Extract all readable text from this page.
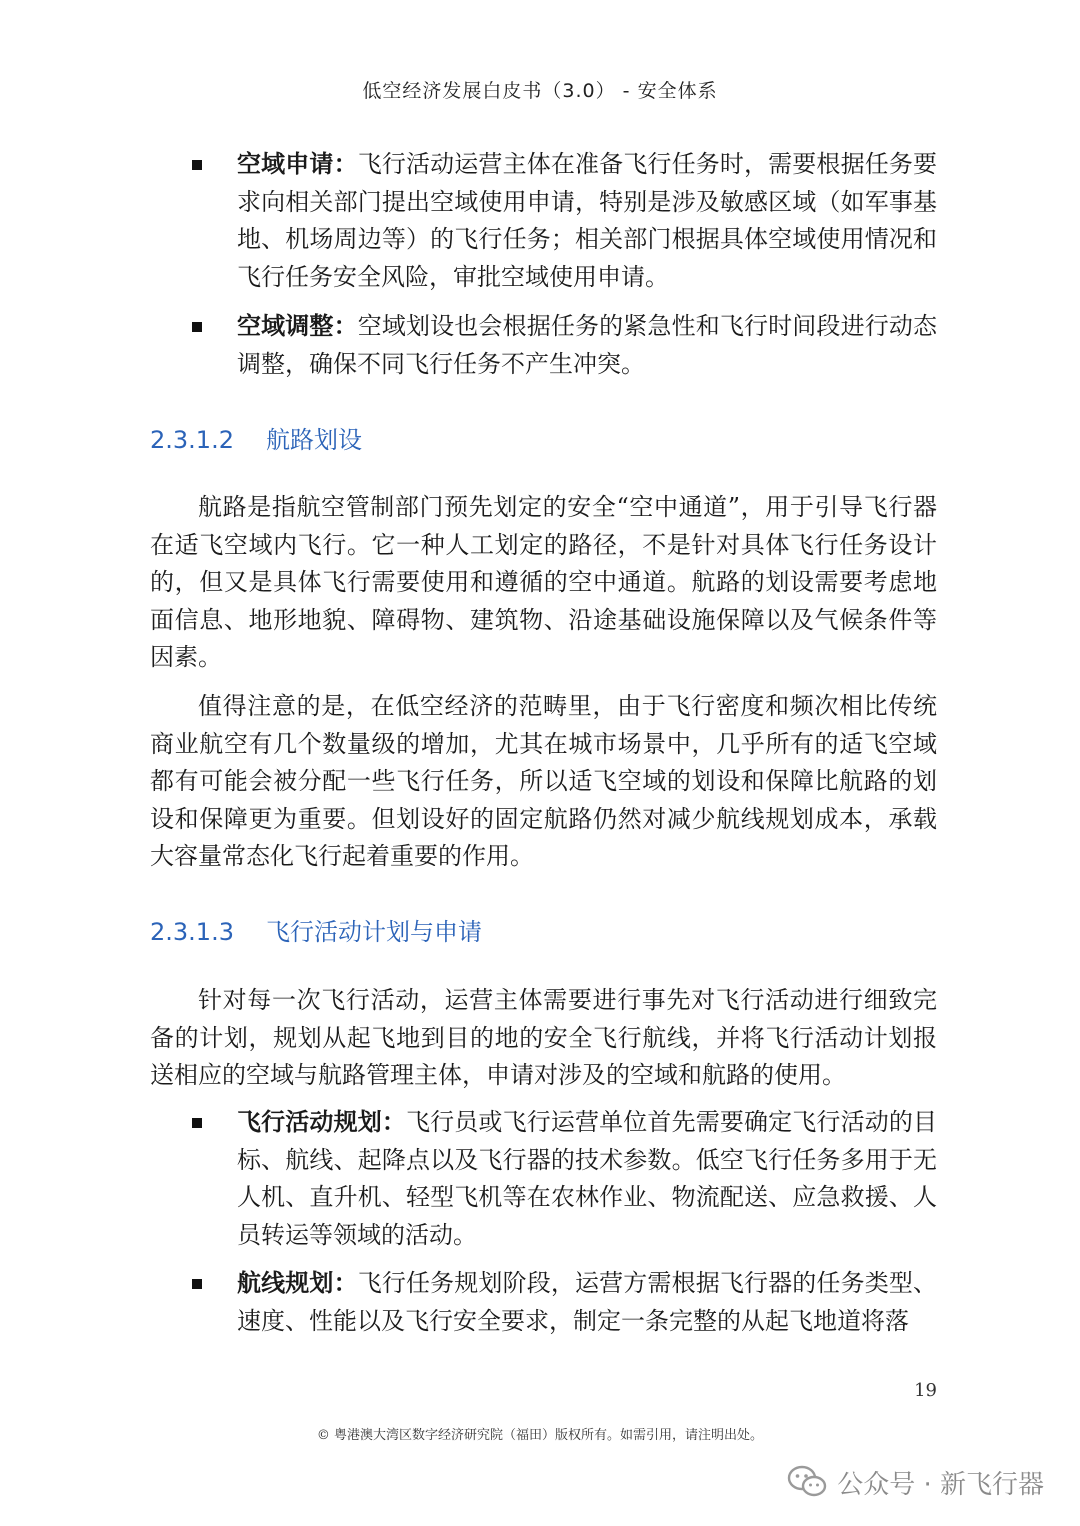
低空经济发展白皮书（3.0） - 安全体系
空域申请：飞行活动运营主体在准备飞行任务时，需要根据任务要求向相关部门提出空域使用申请，特别是涉及敏感区域（如军事基地、机场周边等）的飞行任务；相关部门根据具体空域使用情况和飞行任务安全风险，审批空域使用申请。
空域调整：空域划设也会根据任务的紧急性和飞行时间段进行动态调整，确保不同飞行任务不产生冲突。
2.3.1.2 航路划设
航路是指航空管制部门预先划定的安全“空中通道”，用于引导飞行器在适飞空域内飞行。它一种人工划定的路径，不是针对具体飞行任务设计的，但又是具体飞行需要使用和遵循的空中通道。航路的划设需要考虑地面信息、地形地貌、障碍物、建筑物、沿途基础设施保障以及气候条件等因素。
值得注意的是，在低空经济的范畴里，由于飞行密度和频次相比传统商业航空有几个数量级的增加，尤其在城市场景中，几乎所有的适飞空域都有可能会被分配一些飞行任务，所以适飞空域的划设和保障比航路的划设和保障更为重要。但划设好的固定航路仍然对减少航线规划成本，承载大容量常态化飞行起着重要的作用。
2.3.1.3 飞行活动计划与申请
针对每一次飞行活动，运营主体需要进行事先对飞行活动进行细致完备的计划，规划从起飞地到目的地的安全飞行航线，并将飞行活动计划报送相应的空域与航路管理主体，申请对涉及的空域和航路的使用。
飞行活动规划：飞行员或飞行运营单位首先需要确定飞行活动的目标、航线、起降点以及飞行器的技术参数。低空飞行任务多用于无人机、直升机、轻型飞机等在农林作业、物流配送、应急救援、人员转运等领域的活动。
航线规划：飞行任务规划阶段，运营方需根据飞行器的任务类型、速度、性能以及飞行安全要求，制定一条完整的从起飞地道将落
19
© 粤港澳大湾区数字经济研究院（福田）版权所有。如需引用，请注明出处。
公众号 · 新飞行器
